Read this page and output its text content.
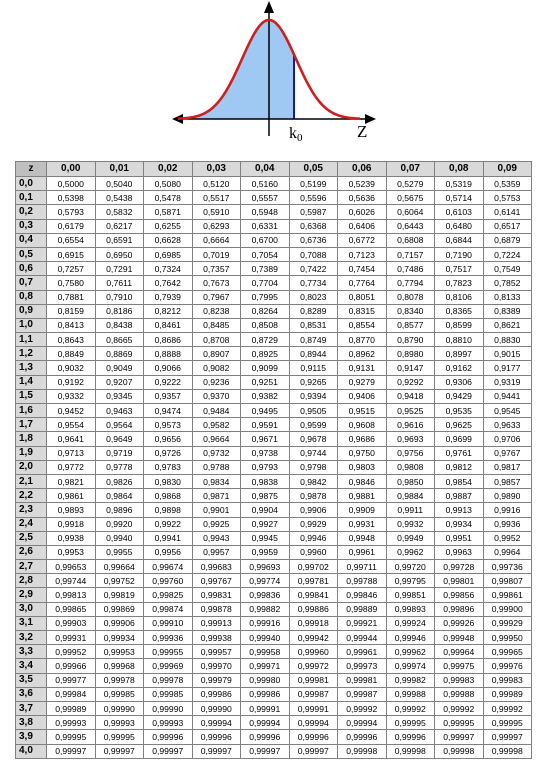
k0	Z
z	0,00	0,01	0,02	0,03	0,04	0,05	0,06	0,07	0,08	0,09
0,0	0,5000	0,5040	0,5080	0,5120	0,5160	0,5199	0,5239	0,5279	0,5319	0,5359
0,1	0,5398	0,5438	0,5478	0,5517	0,5557	0,5596	0,5636	0,5675	0,5714	0,5753
0,2	0,5793	0,5832	0,5871	0,5910	0,5948	0,5987	0,6026	0,6064	0,6103	0,6141
0,3	0,6179	0,6217	0,6255	0,6293	0,6331	0,6368	0,6406	0,6443	0,6480	0,6517
0,4	0,6554	0,6591	0,6628	0,6664	0,6700	0,6736	0,6772	0,6808	0,6844	0,6879
0,5	0,6915	0,6950	0,6985	0,7019	0,7054	0,7088	0,7123	0,7157	0,7190	0,7224
0,6	0,7257	0,7291	0,7324	0,7357	0,7389	0,7422	0,7454	0,7486	0,7517	0,7549
0,7	0,7580	0,7611	0,7642	0,7673	0,7704	0,7734	0,7764	0,7794	0,7823	0,7852
0,8	0,7881	0,7910	0,7939	0,7967	0,7995	0,8023	0,8051	0,8078	0,8106	0,8133
0,9	0,8159	0,8186	0,8212	0,8238	0,8264	0,8289	0,8315	0,8340	0,8365	0,8389
1,0	0,8413	0,8438	0,8461	0,8485	0,8508	0,8531	0,8554	0,8577	0,8599	0,8621
1,1	0,8643	0,8665	0,8686	0,8708	0,8729	0,8749	0,8770	0,8790	0,8810	0,8830
1,2	0,8849	0,8869	0,8888	0,8907	0,8925	0,8944	0,8962	0,8980	0,8997	0,9015
1,3	0,9032	0,9049	0,9066	0,9082	0,9099	0,9115	0,9131	0,9147	0,9162	0,9177
1,4	0,9192	0,9207	0,9222	0,9236	0,9251	0,9265	0,9279	0,9292	0,9306	0,9319
1,5	0,9332	0,9345	0,9357	0,9370	0,9382	0,9394	0,9406	0,9418	0,9429	0,9441
1,6	0,9452	0,9463	0,9474	0,9484	0,9495	0,9505	0,9515	0,9525	0,9535	0,9545
1,7	0,9554	0,9564	0,9573	0,9582	0,9591	0,9599	0,9608	0,9616	0,9625	0,9633
1,8	0,9641	0,9649	0,9656	0,9664	0,9671	0,9678	0,9686	0,9693	0,9699	0,9706
1,9	0,9713	0,9719	0,9726	0,9732	0,9738	0,9744	0,9750	0,9756	0,9761	0,9767
2,0	0,9772	0,9778	0,9783	0,9788	0,9793	0,9798	0,9803	0,9808	0,9812	0,9817
2,1	0,9821	0,9826	0,9830	0,9834	0,9838	0,9842	0,9846	0,9850	0,9854	0,9857
2,2	0,9861	0,9864	0,9868	0,9871	0,9875	0,9878	0,9881	0,9884	0,9887	0,9890
2,3	0,9893	0,9896	0,9898	0,9901	0,9904	0,9906	0,9909	0,9911	0,9913	0,9916
2,4	0,9918	0,9920	0,9922	0,9925	0,9927	0,9929	0,9931	0,9932	0,9934	0,9936
2,5	0,9938	0,9940	0,9941	0,9943	0,9945	0,9946	0,9948	0,9949	0,9951	0,9952
2,6	0,9953	0,9955	0,9956	0,9957	0,9959	0,9960	0,9961	0,9962	0,9963	0,9964
2,7	0,99653	0,99664	0,99674	0,99683	0,99693	0,99702	0,99711	0,99720	0,99728	0,99736
2,8	0,99744	0,99752	0,99760	0,99767	0,99774	0,99781	0,99788	0,99795	0,99801	0,99807
2,9	0,99813	0,99819	0,99825	0,99831	0,99836	0,99841	0,99846	0,99851	0,99856	0,99861
3,0	0,99865	0,99869	0,99874	0,99878	0,99882	0,99886	0,99889	0,99893	0,99896	0,99900
3,1	0,99903	0,99906	0,99910	0,99913	0,99916	0,99918	0,99921	0,99924	0,99926	0,99929
3,2	0,99931	0,99934	0,99936	0,99938	0,99940	0,99942	0,99944	0,99946	0,99948	0,99950
3,3	0,99952	0,99953	0,99955	0,99957	0,99958	0,99960	0,99961	0,99962	0,99964	0,99965
3,4	0,99966	0,99968	0,99969	0,99970	0,99971	0,99972	0,99973	0,99974	0,99975	0,99976
3,5	0,99977	0,99978	0,99978	0,99979	0,99980	0,99981	0,99981	0,99982	0,99983	0,99983
3,6	0,99984	0,99985	0,99985	0,99986	0,99986	0,99987	0,99987	0,99988	0,99988	0,99989
3,7	0,99989	0,99990	0,99990	0,99990	0,99991	0,99991	0,99992	0,99992	0,99992	0,99992
3,8	0,99993	0,99993	0,99993	0,99994	0,99994	0,99994	0,99994	0,99995	0,99995	0,99995
3,9	0,99995	0,99995	0,99996	0,99996	0,99996	0,99996	0,99996	0,99996	0,99997	0,99997
4,0	0,99997	0,99997	0,99997	0,99997	0,99997	0,99997	0,99998	0,99998	0,99998	0,99998
